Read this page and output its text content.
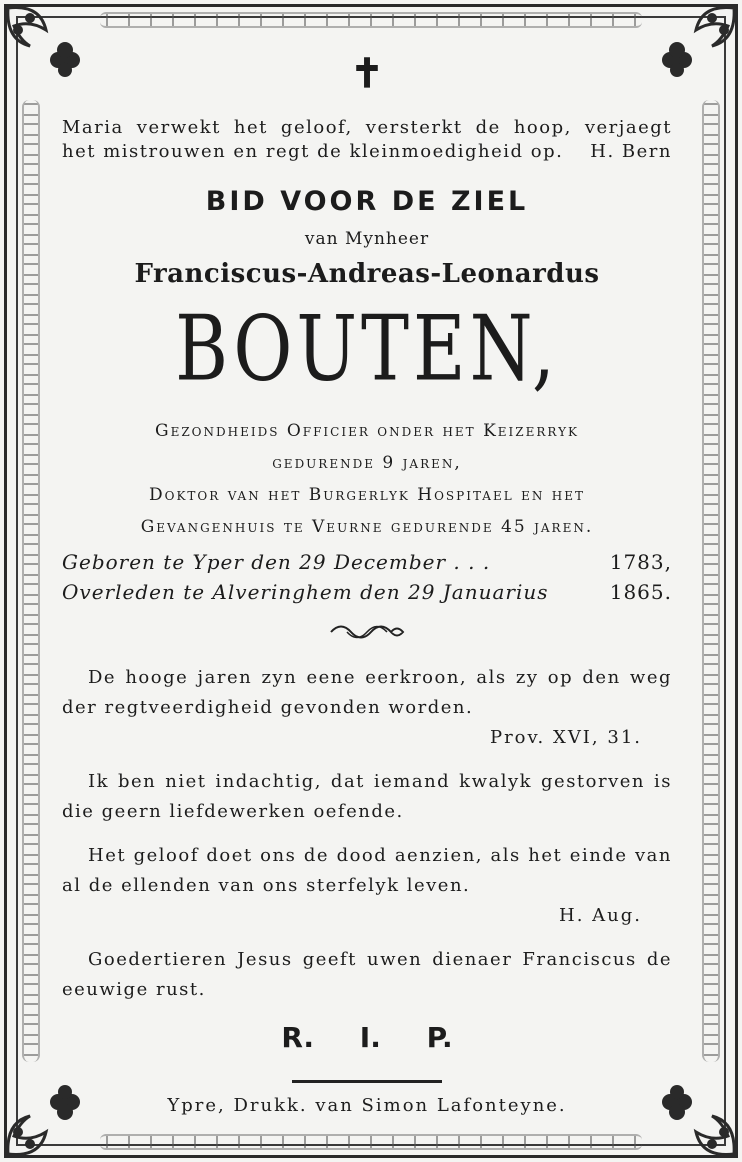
✝
Maria verwekt het geloof, versterkt de hoop, verjaegt het mistrouwen en regt de kleinmoedigheid op.	H. Bern
BID VOOR DE ZIEL
van Mynheer
Franciscus-Andreas-Leonardus
BOUTEN,
Gezondheids Officier onder het Keizerryk
gedurende 9 jaren,
Doktor van het Burgerlyk Hospitael en het
Gevangenhuis te Veurne gedurende 45 jaren.
Geboren te Yper den 29 December . . .	1783,
Overleden te Alveringhem den 29 Januarius	1865.
De hooge jaren zyn eene eerkroon, als zy op den weg der regtveerdigheid gevonden worden.
Prov. XVI, 31.
Ik ben niet indachtig, dat iemand kwalyk gestorven is die geern liefdewerken oefende.
Het geloof doet ons de dood aenzien, als het einde van al de ellenden van ons sterfelyk leven.
H. Aug.
Goedertieren Jesus geeft uwen dienaer Franciscus de eeuwige rust.
R. I. P.
Ypre, Drukk. van Simon Lafonteyne.
